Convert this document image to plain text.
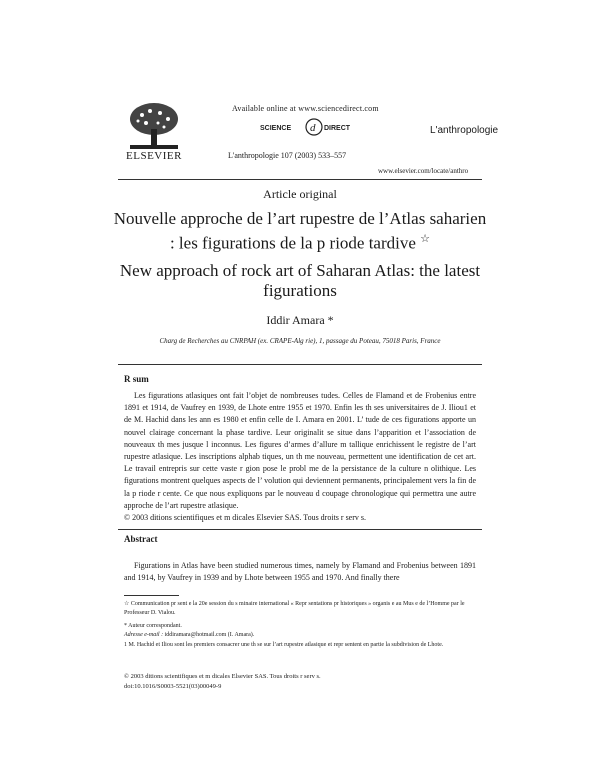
ELSEVIER
Available online at www.sciencedirect.com
SCIENCE d DIRECT	L'anthropologie
L'anthropologie 107 (2003) 533–557
www.elsevier.com/locate/anthro
Article original
Nouvelle approche de l’art rupestre de l’Atlas saharien : les figurations de la p riode tardive ☆
New approach of rock art of Saharan Atlas: the latest figurations
Iddir Amara *
Charg de Recherches au CNRPAH (ex. CRAPE-Alg rie), 1, passage du Poteau, 75018 Paris, France
R sum

Les figurations atlasiques ont fait l’objet de nombreuses tudes. Celles de Flamand et de Frobenius entre 1891 et 1914, de Vaufrey en 1939, de Lhote entre 1955 et 1970. Enfin les th ses universitaires de J. Iliou1 et de M. Hachid dans les ann es 1980 et enfin celle de I. Amara en 2001. L’ tude de ces figurations apporte un nouvel clairage concernant la phase tardive. Leur originalit se situe dans l’apparition et l’association de nouveaux th mes jusque l inconnus. Les figures d’armes d’allure m tallique enrichissent le registre de l’art rupestre atlasique. Les inscriptions alphab tiques, un th me nouveau, permettent une identification de cet art. Le travail entrepris sur cette vaste r gion pose le probl me de la persistance de la culture n olithique. Les figurations montrent quelques aspects de l’ volution qui deviennent permanents, principalement vers la fin de la p riode r cente. Ce que nous expliquons par le nouveau d coupage chronologique qui permettra une autre approche de l’art rupestre atlasique.

© 2003 ditions scientifiques et m dicales Elsevier SAS. Tous droits r serv s.
Abstract

Figurations in Atlas have been studied numerous times, namely by Flamand and Frobenius between 1891 and 1914, by Vaufrey in 1939 and by Lhote between 1955 and 1970. And finally there

☆ Communication pr sent e la 20e session du s minaire international « Repr sentations pr historiques » organis e au Mus e de l’Homme par le Professeur D. Vialou.

* Auteur correspondant.

Adresse e-mail : iddiramara@hotmail.com (I. Amara).

1 M. Hachid et Iliou sont les premiers consacrer une th se sur l’art rupestre atlasique et repr sentent en partie la subdivision de Lhote.

© 2003 ditions scientifiques et m dicales Elsevier SAS. Tous droits r serv s.

doi:10.1016/S0003-5521(03)00049-9
